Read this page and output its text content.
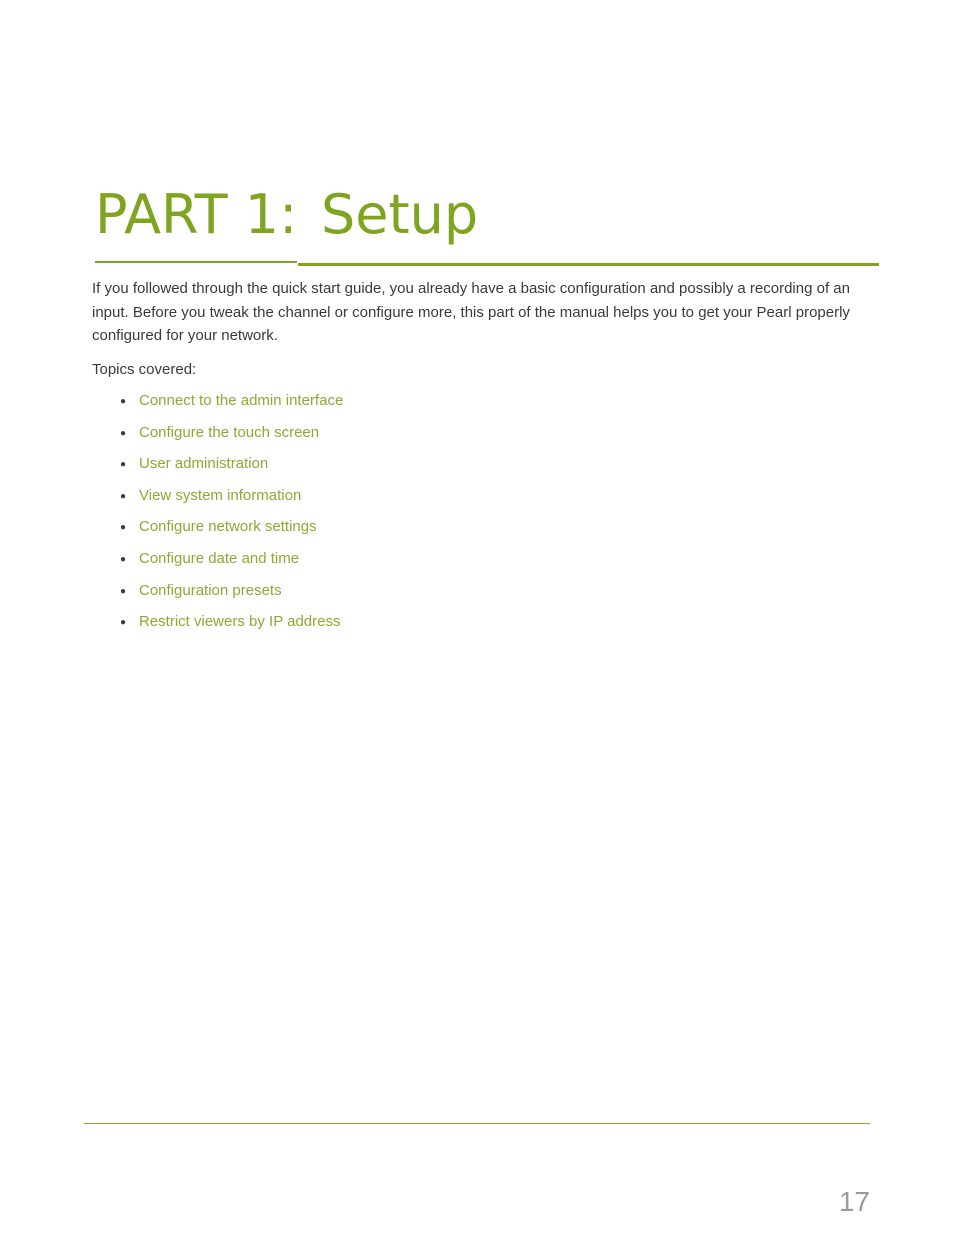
PART 1: Setup

If you followed through the quick start guide, you already have a basic configuration and possibly a recording of an input. Before you tweak the channel or configure more, this part of the manual helps you to get your Pearl properly configured for your network.

Topics covered:

● Connect to the admin interface
● Configure the touch screen
● User administration
● View system information
● Configure network settings
● Configure date and time
● Configuration presets
● Restrict viewers by IP address
17
